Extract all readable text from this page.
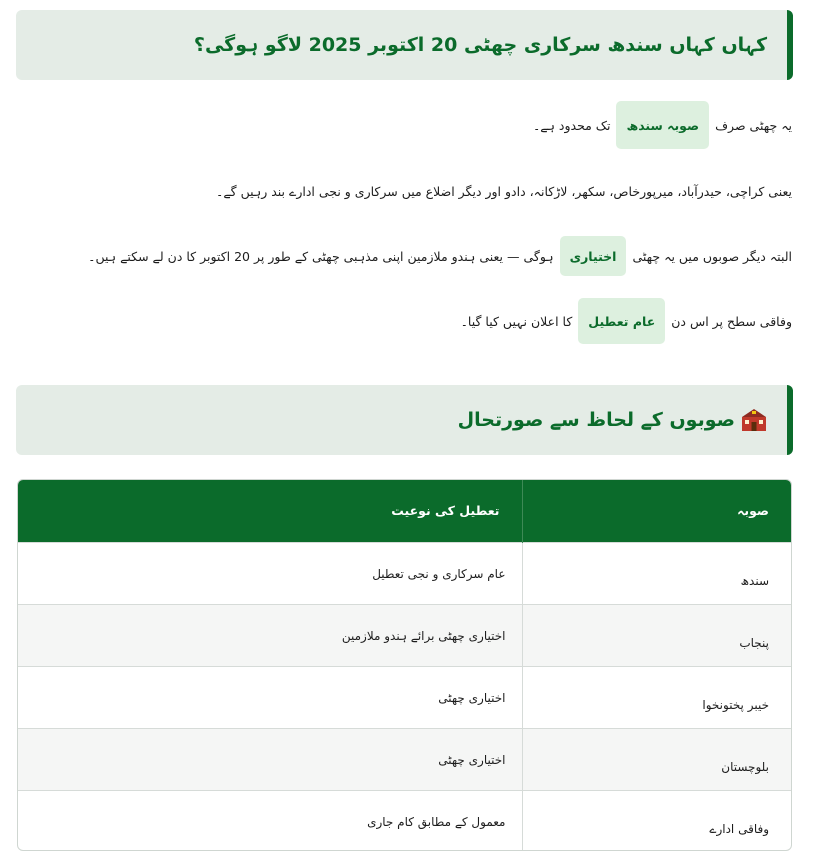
کہاں کہاں سندھ سرکاری چھٹی 20 اکتوبر 2025 لاگو ہوگی؟
یہ چھٹی صرف
صوبہ سندھ
تک محدود ہے۔
یعنی کراچی، حیدرآباد، میرپورخاص، سکھر، لاڑکانہ، دادو اور دیگر اضلاع میں سرکاری و نجی ادارے بند رہیں گے۔
البتہ دیگر صوبوں میں یہ چھٹی
اختیاری
ہوگی — یعنی ہندو ملازمین اپنی مذہبی چھٹی کے طور پر 20 اکتوبر کا دن لے سکتے ہیں۔
وفاقی سطح پر اس دن
عام تعطیل
کا اعلان نہیں کیا گیا۔
صوبوں کے لحاظ سے صورتحال
صوبہ	تعطیل کی نوعیت
سندھ	عام سرکاری و نجی تعطیل
پنجاب	اختیاری چھٹی برائے ہندو ملازمین
خیبر پختونخوا	اختیاری چھٹی
بلوچستان	اختیاری چھٹی
وفاقی ادارے	معمول کے مطابق کام جاری
